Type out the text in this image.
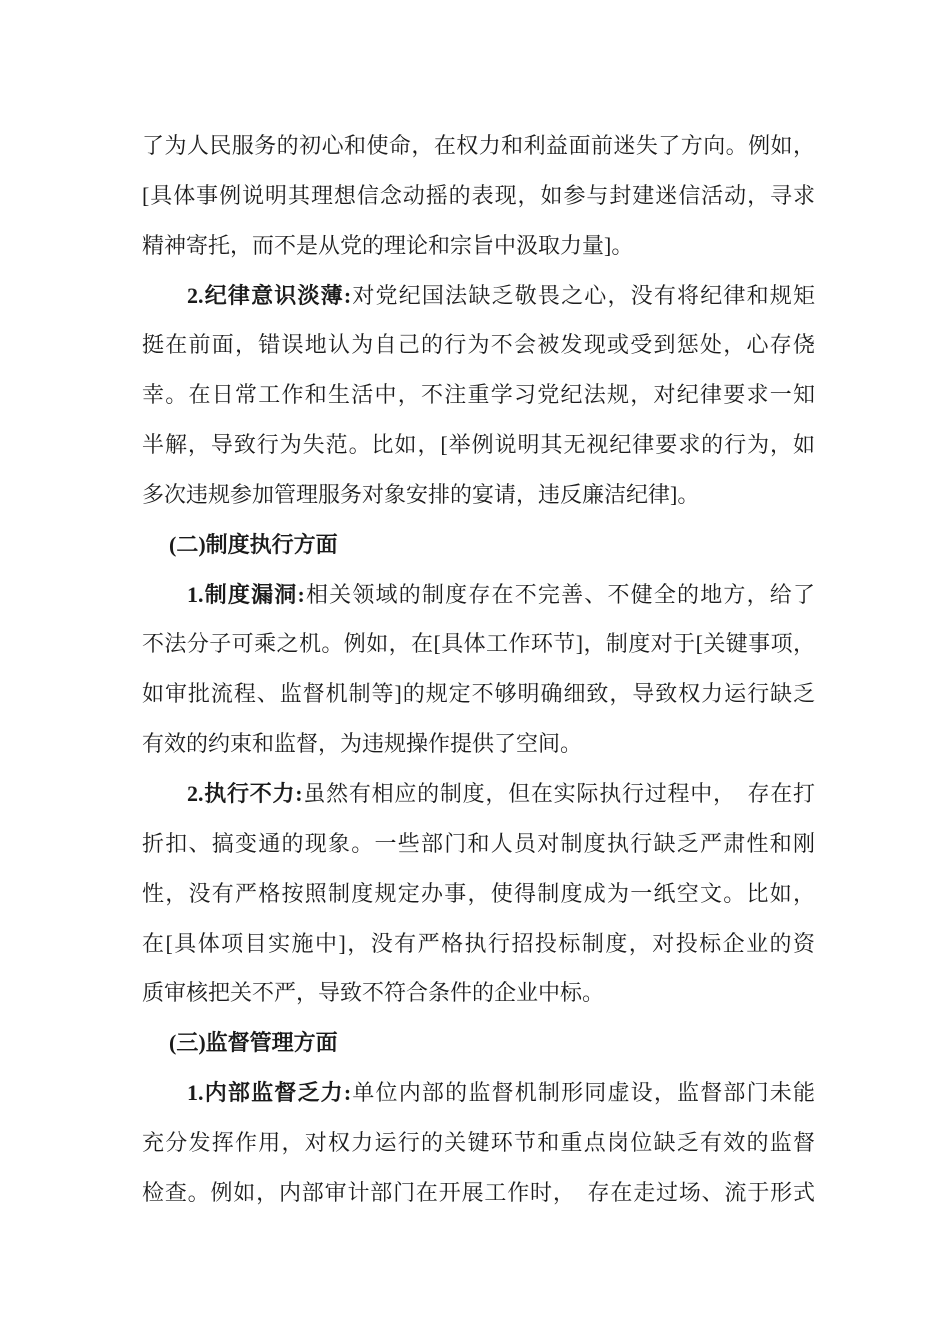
了为人民服务的初心和使命，在权力和利益面前迷失了方向。例如，
[具体事例说明其理想信念动摇的表现，如参与封建迷信活动，寻求
精神寄托，而不是从党的理论和宗旨中汲取力量]。
2.纪律意识淡薄:对党纪国法缺乏敬畏之心，没有将纪律和规矩
挺在前面，错误地认为自己的行为不会被发现或受到惩处，心存侥
幸。在日常工作和生活中，不注重学习党纪法规，对纪律要求一知
半解，导致行为失范。比如，[举例说明其无视纪律要求的行为，如
多次违规参加管理服务对象安排的宴请，违反廉洁纪律]。
(二)制度执行方面
1.制度漏洞:相关领域的制度存在不完善、不健全的地方，给了
不法分子可乘之机。例如，在[具体工作环节]，制度对于[关键事项，
如审批流程、监督机制等]的规定不够明确细致，导致权力运行缺乏
有效的约束和监督，为违规操作提供了空间。
2.执行不力:虽然有相应的制度，但在实际执行过程中，　存在打
折扣、搞变通的现象。一些部门和人员对制度执行缺乏严肃性和刚
性，没有严格按照制度规定办事，使得制度成为一纸空文。比如，
在[具体项目实施中]，没有严格执行招投标制度，对投标企业的资
质审核把关不严，导致不符合条件的企业中标。
(三)监督管理方面
1.内部监督乏力:单位内部的监督机制形同虚设，监督部门未能
充分发挥作用，对权力运行的关键环节和重点岗位缺乏有效的监督
检查。例如，内部审计部门在开展工作时，　存在走过场、流于形式
